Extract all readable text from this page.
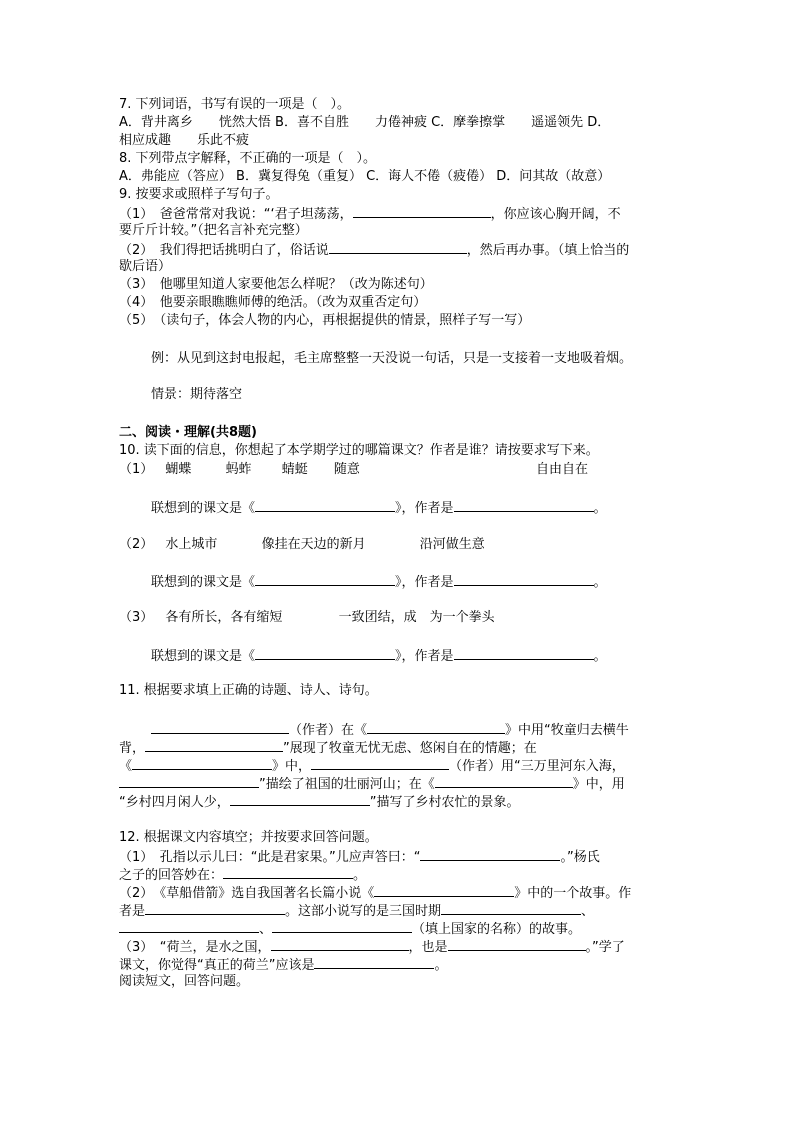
7. 下列词语，书写有误的一项是（　）。
A．背井离乡　　恍然大悟 B．喜不自胜　　力倦神疲 C．摩拳擦掌　　遥遥领先 D．
相应成趣　　乐此不疲
8. 下列带点字解释，不正确的一项是（　）。
A．弗能应（答应） B．冀复得兔（重复） C．诲人不倦（疲倦） D．问其故（故意）
9. 按要求或照样子写句子。
（1）　爸爸常常对我说：“‘君子坦荡荡，	，你应该心胸开阔，不
要斤斤计较。”（把名言补充完整）
（2）　我们得把话挑明白了，俗话说	，然后再办事。（填上恰当的
歇后语）
（3）　他哪里知道人家要他怎么样呢？（改为陈述句）
（4）　他要亲眼瞧瞧师傅的绝活。（改为双重否定句）
（5）　（读句子，体会人物的内心，再根据提供的情景，照样子写一写）
例：从见到这封电报起，毛主席整整一天没说一句话，只是一支接着一支地吸着烟。
情景：期待落空
二、阅读・理解(共8题)
10. 读下面的信息，你想起了本学期学过的哪篇课文？作者是谁？请按要求写下来。
（1） 蝴蝶	蚂蚱 蜻蜓 随意	自由自在
联想到的课文是《	》，作者是	。
（2） 水上城市	像挂在天边的新月	沿河做生意
联想到的课文是《	》，作者是	。
（3） 各有所长，各有缩短	一致团结，成　为一个拳头
联想到的课文是《	》，作者是	。
11. 根据要求填上正确的诗题、诗人、诗句。
（作者）在《	》中用“牧童归去横牛
背，	”展现了牧童无忧无虑、悠闲自在的情趣；在
《	》中，	（作者）用“三万里河东入海，
”描绘了祖国的壮丽河山；在《	》中，用
“乡村四月闲人少，	”描写了乡村农忙的景象。
12. 根据课文内容填空；并按要求回答问题。
（1）　孔指以示儿曰：“此是君家果。”儿应声答曰：“	。”杨氏
之子的回答妙在：	。
（2）　《草船借箭》选自我国著名长篇小说《	》中的一个故事。作
者是	。这部小说写的是三国时期	、
、	（填上国家的名称）的故事。
（3）　“荷兰，是水之国，	，也是	。”学了
课文，你觉得“真正的荷兰”应该是	。
阅读短文，回答问题。
